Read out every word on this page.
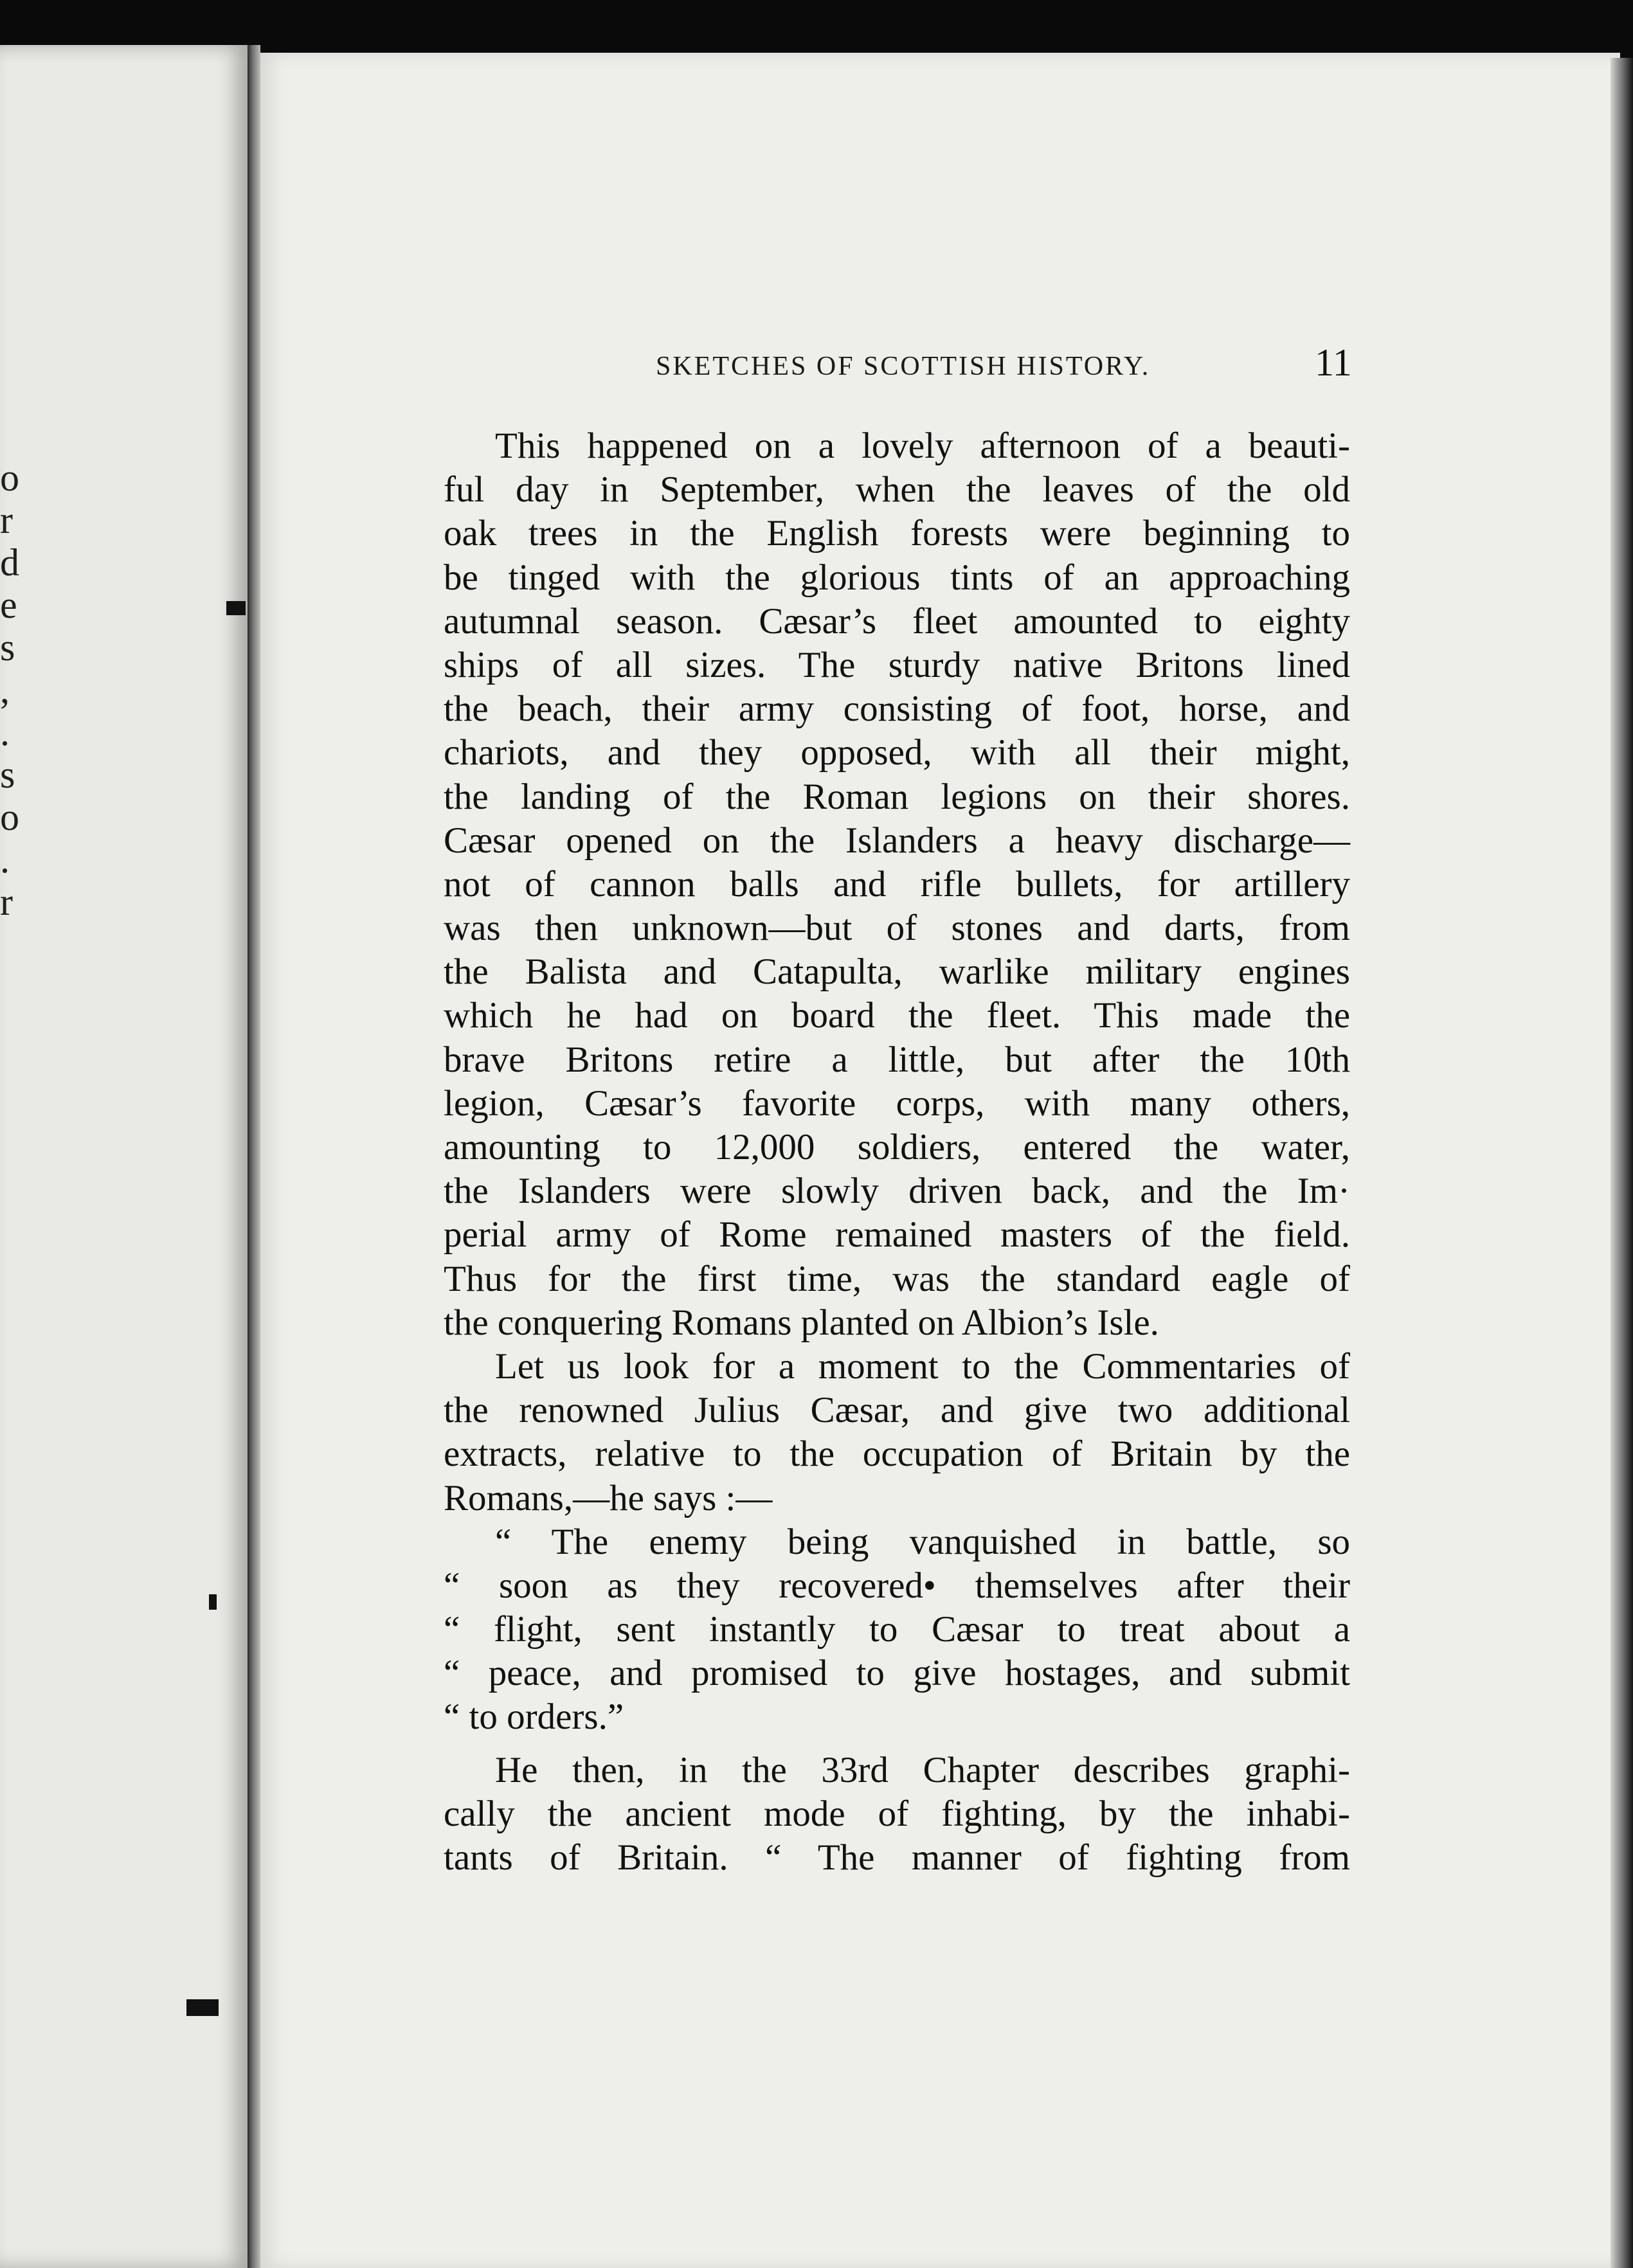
o
r
d
e
s
,
.
s
o
.
r
SKETCHES OF SCOTTISH HISTORY.	11
This happened on a lovely afternoon of a beauti-
ful day in September, when the leaves of the old
oak trees in the English forests were beginning to
be tinged with the glorious tints of an approaching
autumnal season. Cæsar’s fleet amounted to eighty
ships of all sizes. The sturdy native Britons lined
the beach, their army consisting of foot, horse, and
chariots, and they opposed, with all their might,
the landing of the Roman legions on their shores.
Cæsar opened on the Islanders a heavy discharge—
not of cannon balls and rifle bullets, for artillery
was then unknown—but of stones and darts, from
the Balista and Catapulta, warlike military engines
which he had on board the fleet. This made the
brave Britons retire a little, but after the 10th
legion, Cæsar’s favorite corps, with many others,
amounting to 12,000 soldiers, entered the water,
the Islanders were slowly driven back, and the Im·
perial army of Rome remained masters of the field.
Thus for the first time, was the standard eagle of
the conquering Romans planted on Albion’s Isle.
Let us look for a moment to the Commentaries of
the renowned Julius Cæsar, and give two additional
extracts, relative to the occupation of Britain by the
Romans,—he says :—
“ The enemy being vanquished in battle, so
“ soon as they recovered• themselves after their
“ flight, sent instantly to Cæsar to treat about a
“ peace, and promised to give hostages, and submit
“ to orders.”
He then, in the 33rd Chapter describes graphi-
cally the ancient mode of fighting, by the inhabi-
tants of Britain. “ The manner of fighting from
